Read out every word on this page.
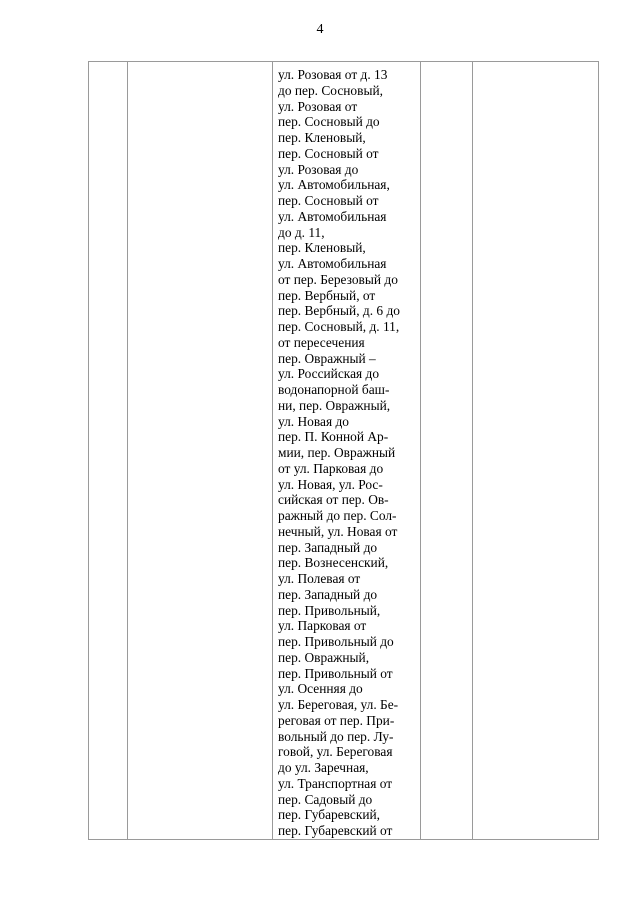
4

ул. Розовая от д. 13
до пер. Сосновый,
ул. Розовая от
пер. Сосновый до
пер. Кленовый,
пер. Сосновый от
ул. Розовая до
ул. Автомобильная,
пер. Сосновый от
ул. Автомобильная
до д. 11,
пер. Кленовый,
ул. Автомобильная
от пер. Березовый до
пер. Вербный, от
пер. Вербный, д. 6 до
пер. Сосновый, д. 11,
от пересечения
пер. Овражный –
ул. Российская до
водонапорной баш-
ни, пер. Овражный,
ул. Новая до
пер. П. Конной Ар-
мии, пер. Овражный
от ул. Парковая до
ул. Новая, ул. Рос-
сийская от пер. Ов-
ражный до пер. Сол-
нечный, ул. Новая от
пер. Западный до
пер. Вознесенский,
ул. Полевая от
пер. Западный до
пер. Привольный,
ул. Парковая от
пер. Привольный до
пер. Овражный,
пер. Привольный от
ул. Осенняя до
ул. Береговая, ул. Бе-
реговая от пер. При-
вольный до пер. Лу-
говой, ул. Береговая
до ул. Заречная,
ул. Транспортная от
пер. Садовый до
пер. Губаревский,
пер. Губаревский от
